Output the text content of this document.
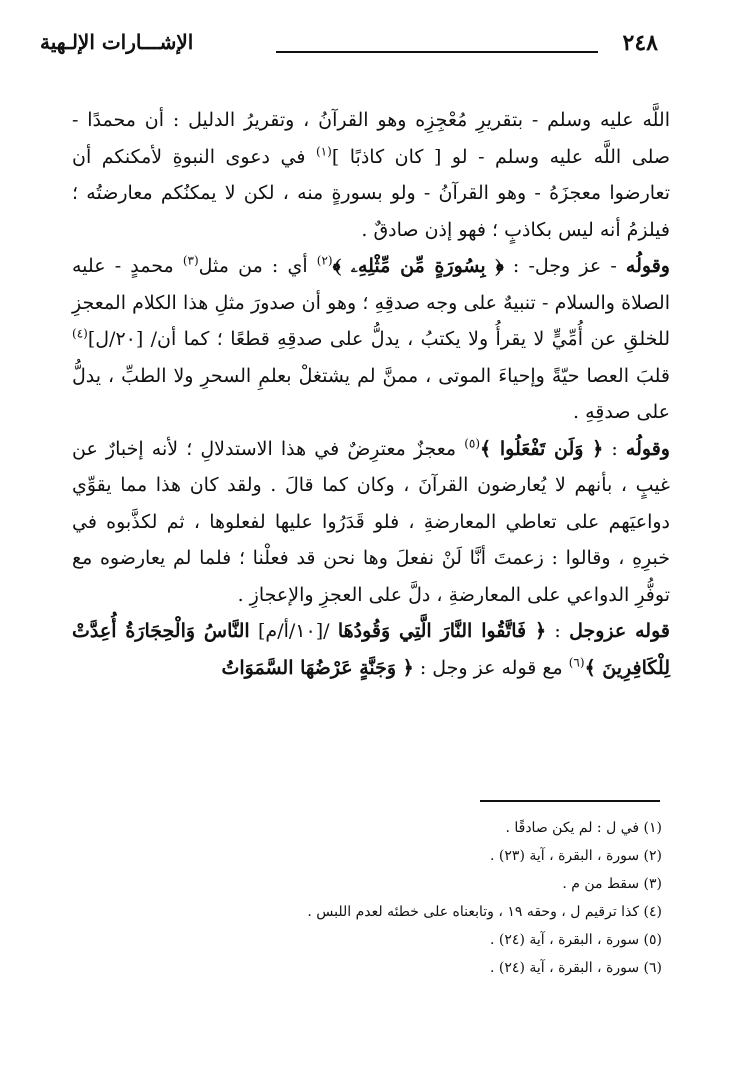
٢٤٨
الإشـــارات الإلـهية

اللَّه عليه وسلم - بتقريرِ مُعْجِزِه وهو القرآنُ ، وتقريرُ الدليل : أن محمدًا - صلى اللَّه عليه وسلم - لو [ كان كاذبًا ]$^{(١)}$ في دعوى النبوةِ لأمكنكم أن تعارضوا معجزَهُ - وهو القرآنُ - ولو بسورةٍ منه ، لكن لا يمكنُكم معارضتُه ؛ فيلزمُ أنه ليس بكاذبٍ ؛ فهو إذن صادقٌ .

وقولُه - عز وجل- : ﴿ بِسُورَةٍ مِّن مِّثْلِهِۦ ﴾$^{(٢)}$ أي : من مثل$^{(٣)}$ محمدٍ - عليه الصلاة والسلام - تنبيهٌ على وجه صدقِهِ ؛ وهو أن صدورَ مثلِ هذا الكلام المعجزِ للخلقِ عن أُمِّيٍّ لا يقرأُ ولا يكتبُ ، يدلُّ على صدقِهِ قطعًا ؛ كما أن/ [٢٠/ل]$^{(٤)}$ قلبَ العصا حيّةً وإحياءَ الموتى ، ممنَّ لم يشتغلْ بعلمِ السحرِ ولا الطبِّ ، يدلُّ على صدقِهِ .

وقولُه : ﴿ وَلَن تَفْعَلُوا ﴾$^{(٥)}$ معجزٌ معترِضٌ في هذا الاستدلالِ ؛ لأنه إخبارٌ عن غيبٍ ، بأنهم لا يُعارضون القرآنَ ، وكان كما قالَ . ولقد كان هذا مما يقوِّي دواعيَهم على تعاطي المعارضةِ ، فلو قَدَرُوا عليها لفعلوها ، ثم لكذَّبوه في خبرِهِ ، وقالوا : زعمتَ أنَّا لَنْ نفعلَ وها نحن قد فعلْنا ؛ فلما لم يعارضوه مع توفُّرِ الدواعي على المعارضةِ ، دلَّ على العجزِ والإعجازِ .

قوله عزوجل : ﴿ فَاتَّقُوا النَّارَ الَّتِي وَقُودُهَا /[١٠/أ/م] النَّاسُ وَالْحِجَارَةُ أُعِدَّتْ لِلْكَافِرِينَ ﴾$^{(٦)}$ مع قوله عز وجل : ﴿ وَجَنَّةٍ عَرْضُهَا السَّمَوَاتُ

(١) في ل : لم يكن صادقًا .
(٢) سورة ، البقرة ، آية (٢٣) .
(٣) سقط من م .
(٤) كذا ترقيم ل ، وحقه ١٩ ، وتابعناه على خطئه لعدم اللبس .
(٥) سورة ، البقرة ، آية (٢٤) .
(٦) سورة ، البقرة ، آية (٢٤) .
